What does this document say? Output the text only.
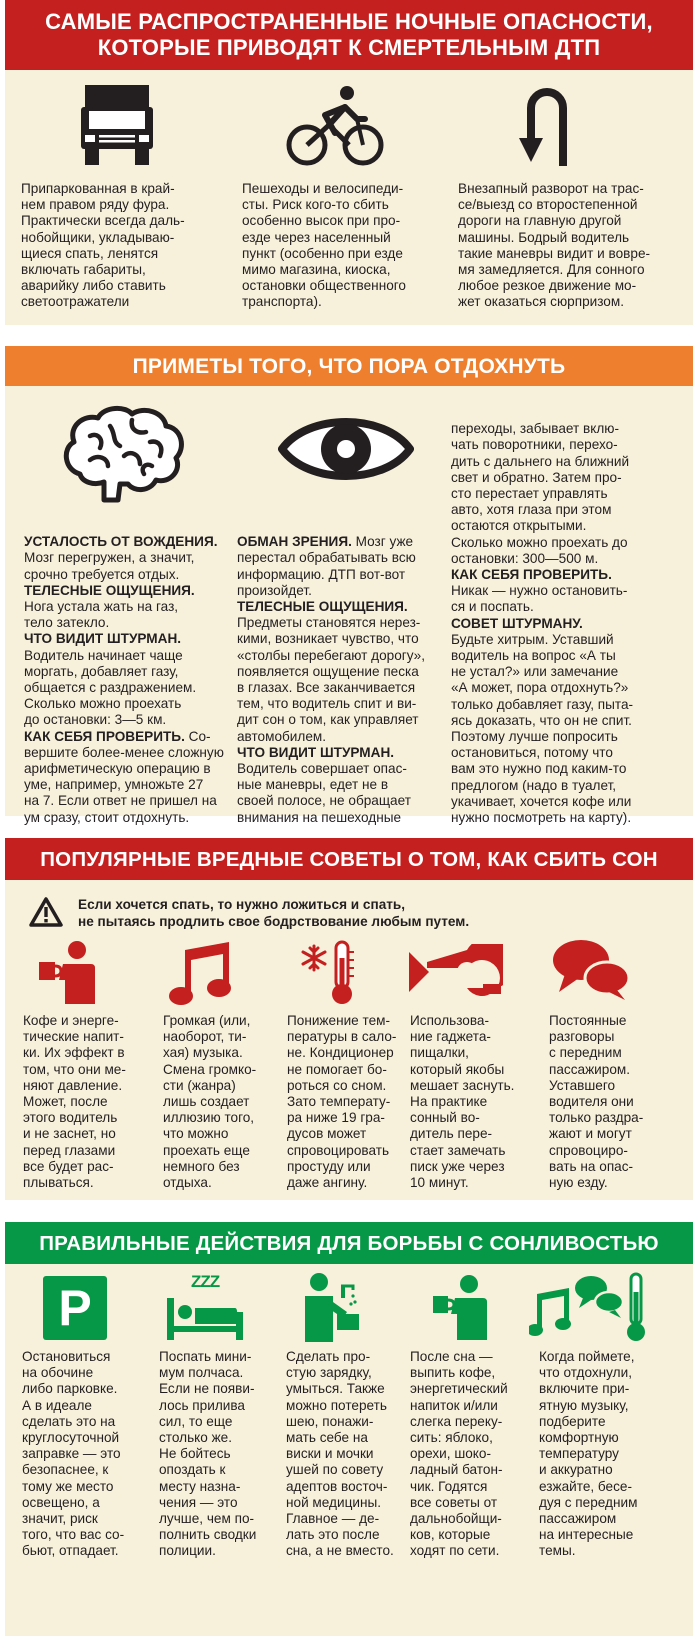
САМЫЕ РАСПРОСТРАНЕННЫЕ НОЧНЫЕ ОПАСНОСТИ,
КОТОРЫЕ ПРИВОДЯТ К СМЕРТЕЛЬНЫМ ДТП
Припаркованная в край-
нем правом ряду фура.
Практически всегда даль-
нобойщики, укладываю-
щиеся спать, ленятся
включать габариты,
аварийку либо ставить
светоотражатели
Пешеходы и велосипеди-
сты. Риск кого-то сбить
особенно высок при про-
езде через населенный
пункт (особенно при езде
мимо магазина, киоска,
остановки общественного
транспорта).
Внезапный разворот на трас-
се/выезд со второстепенной
дороги на главную другой
машины. Бодрый водитель
такие маневры видит и вовре-
мя замедляется. Для сонного
любое резкое движение мо-
жет оказаться сюрпризом.
ПРИМЕТЫ ТОГО, ЧТО ПОРА ОТДОХНУТЬ

УСТАЛОСТЬ ОТ ВОЖДЕНИЯ.
Мозг перегружен, а значит,
срочно требуется отдых.
ТЕЛЕСНЫЕ ОЩУЩЕНИЯ.
Нога устала жать на газ,
тело затекло.
ЧТО ВИДИТ ШТУРМАН.
Водитель начинает чаще
моргать, добавляет газу,
общается с раздражением.
Сколько можно проехать
до остановки: 3—5 км.
КАК СЕБЯ ПРОВЕРИТЬ. Со-
вершите более-менее сложную
арифметическую операцию в
уме, например, умножьте 27
на 7. Если ответ не пришел на
ум сразу, стоит отдохнуть.

ОБМАН ЗРЕНИЯ. Мозг уже
перестал обрабатывать всю
информацию. ДТП вот-вот
произойдет.
ТЕЛЕСНЫЕ ОЩУЩЕНИЯ.
Предметы становятся нерез-
кими, возникает чувство, что
«столбы перебегают дорогу»,
появляется ощущение песка
в глазах. Все заканчивается
тем, что водитель спит и ви-
дит сон о том, как управляет
автомобилем.
ЧТО ВИДИТ ШТУРМАН.
Водитель совершает опас-
ные маневры, едет не в
своей полосе, не обращает
внимания на пешеходные

переходы, забывает вклю-
чать поворотники, перехо-
дить с дальнего на ближний
свет и обратно. Затем про-
сто перестает управлять
авто, хотя глаза при этом
остаются открытыми.
Сколько можно проехать до
остановки: 300—500 м.
КАК СЕБЯ ПРОВЕРИТЬ.
Никак — нужно остановить-
ся и поспать.
СОВЕТ ШТУРМАНУ.
Будьте хитрым. Уставший
водитель на вопрос «А ты
не устал?» или замечание
«А может, пора отдохнуть?»
только добавляет газу, пыта-
ясь доказать, что он не спит.
Поэтому лучше попросить
остановиться, потому что
вам это нужно под каким-то
предлогом (надо в туалет,
укачивает, хочется кофе или
нужно посмотреть на карту).

ПОПУЛЯРНЫЕ ВРЕДНЫЕ СОВЕТЫ О ТОМ, КАК СБИТЬ СОН
Если хочется спать, то нужно ложиться и спать,
не пытаясь продлить свое бодрствование любым путем.
Кофе и энерге-
тические напит-
ки. Их эффект в
том, что они ме-
няют давление.
Может, после
этого водитель
и не заснет, но
перед глазами
все будет рас-
плываться.
Громкая (или,
наоборот, ти-
хая) музыка.
Смена громко-
сти (жанра)
лишь создает
иллюзию того,
что можно
проехать еще
немного без
отдыха.
Понижение тем-
пературы в сало-
не. Кондиционер
не помогает бо-
роться со сном.
Зато температу-
ра ниже 19 гра-
дусов может
спровоцировать
простуду или
даже ангину.
Использова-
ние гаджета-
пищалки,
который якобы
мешает заснуть.
На практике
сонный во-
дитель пере-
стает замечать
писк уже через
10 минут.
Постоянные
разговоры
с передним
пассажиром.
Уставшего
водителя они
только раздра-
жают и могут
спровоциро-
вать на опас-
ную езду.
ПРАВИЛЬНЫЕ ДЕЙСТВИЯ ДЛЯ БОРЬБЫ С СОНЛИВОСТЬЮ
P
Остановиться
на обочине
либо парковке.
А в идеале
сделать это на
круглосуточной
заправке — это
безопаснее, к
тому же место
освещено, а
значит, риск
того, что вас со-
бьют, отпадает.
ZZZ
Поспать мини-
мум полчаса.
Если не появи-
лось прилива
сил, то еще
столько же.
Не бойтесь
опоздать к
месту назна-
чения — это
лучше, чем по-
полнить сводки
полиции.
Сделать про-
стую зарядку,
умыться. Также
можно потереть
шею, понажи-
мать себе на
виски и мочки
ушей по совету
адептов восточ-
ной медицины.
Главное — де-
лать это после
сна, а не вместо.
После сна —
выпить кофе,
энергетический
напиток и/или
слегка переку-
сить: яблоко,
орехи, шоко-
ладный батон-
чик. Годятся
все советы от
дальнобойщи-
ков, которые
ходят по сети.
Когда поймете,
что отдохнули,
включите при-
ятную музыку,
подберите
комфортную
температуру
и аккуратно
езжайте, бесе-
дуя с передним
пассажиром
на интересные
темы.
